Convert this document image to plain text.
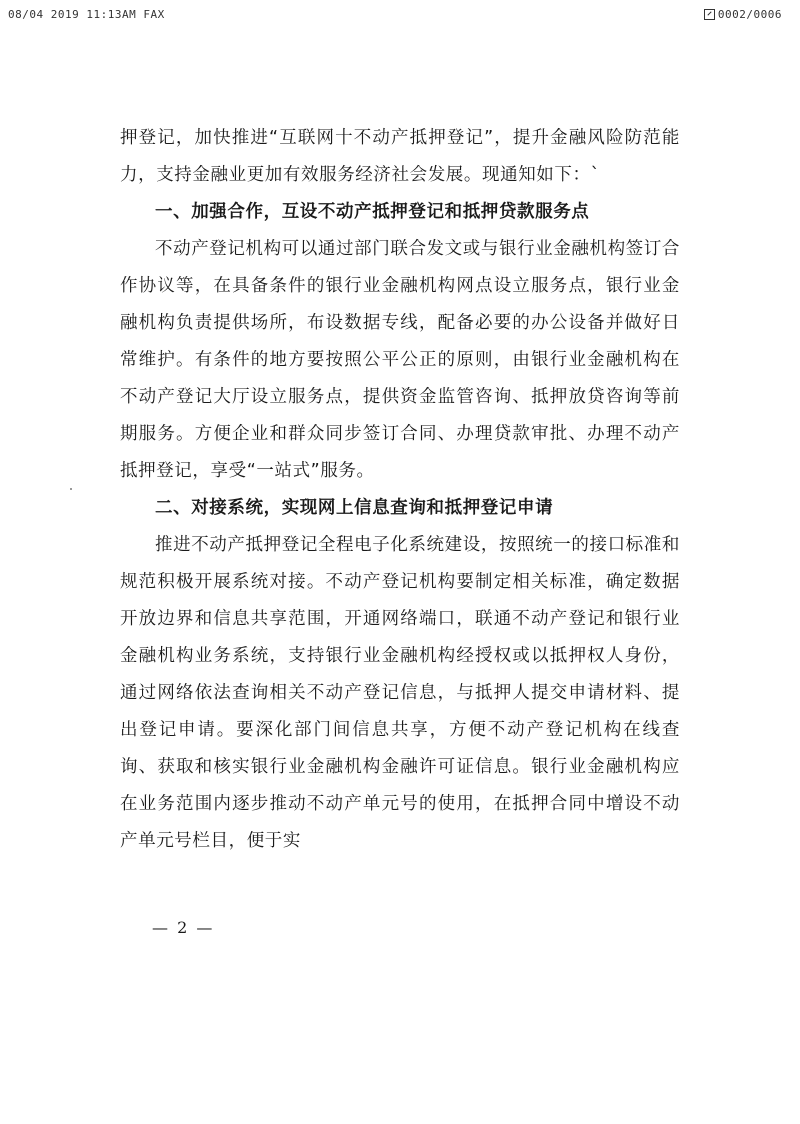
08/04 2019 11:13AM FAX	0002/0006

押登记，加快推进“互联网十不动产抵押登记”，提升金融风险防范能力，支持金融业更加有效服务经济社会发展。现通知如下：`

一、加强合作，互设不动产抵押登记和抵押贷款服务点

不动产登记机构可以通过部门联合发文或与银行业金融机构签订合作协议等，在具备条件的银行业金融机构网点设立服务点，银行业金融机构负责提供场所，布设数据专线，配备必要的办公设备并做好日常维护。有条件的地方要按照公平公正的原则，由银行业金融机构在不动产登记大厅设立服务点，提供资金监管咨询、抵押放贷咨询等前期服务。方便企业和群众同步签订合同、办理贷款审批、办理不动产抵押登记，享受“一站式”服务。

二、对接系统，实现网上信息查询和抵押登记申请

推进不动产抵押登记全程电子化系统建设，按照统一的接口标准和规范积极开展系统对接。不动产登记机构要制定相关标准，确定数据开放边界和信息共享范围，开通网络端口，联通不动产登记和银行业金融机构业务系统，支持银行业金融机构经授权或以抵押权人身份，通过网络依法查询相关不动产登记信息，与抵押人提交申请材料、提出登记申请。要深化部门间信息共享，方便不动产登记机构在线查询、获取和核实银行业金融机构金融许可证信息。银行业金融机构应在业务范围内逐步推动不动产单元号的使用，在抵押合同中增设不动产单元号栏目，便于实

— 2 —
